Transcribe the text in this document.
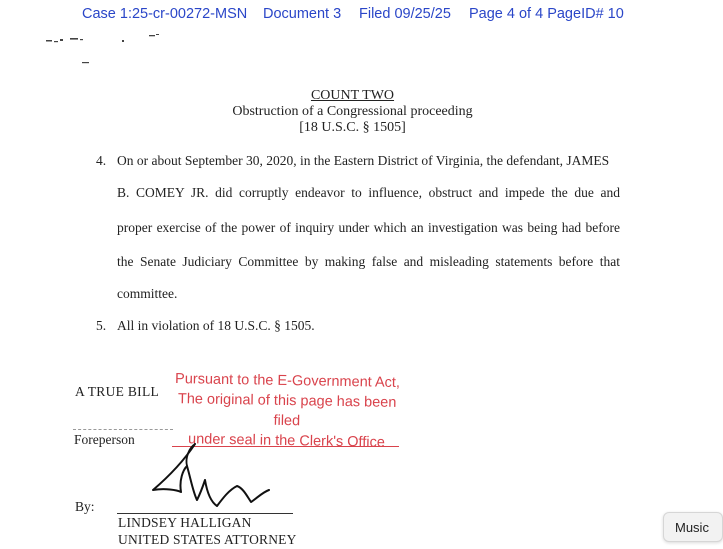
Case 1:25-cr-00272-MSN Document 3 Filed 09/25/25 Page 4 of 4 PageID# 10
COUNT TWO
Obstruction of a Congressional proceeding
[18 U.S.C. § 1505]
4. On or about September 30, 2020, in the Eastern District of Virginia, the defendant, JAMES
B. COMEY JR. did corruptly endeavor to influence, obstruct and impede the due and
proper exercise of the power of inquiry under which an investigation was being had before
the Senate Judiciary Committee by making false and misleading statements before that
committee.
5. All in violation of 18 U.S.C. § 1505.
A TRUE BILL
Pursuant to the E-Government Act,
The original of this page has been filed
under seal in the Clerk's Office
Foreperson
By:
LINDSEY HALLIGAN
UNITED STATES ATTORNEY
Music
